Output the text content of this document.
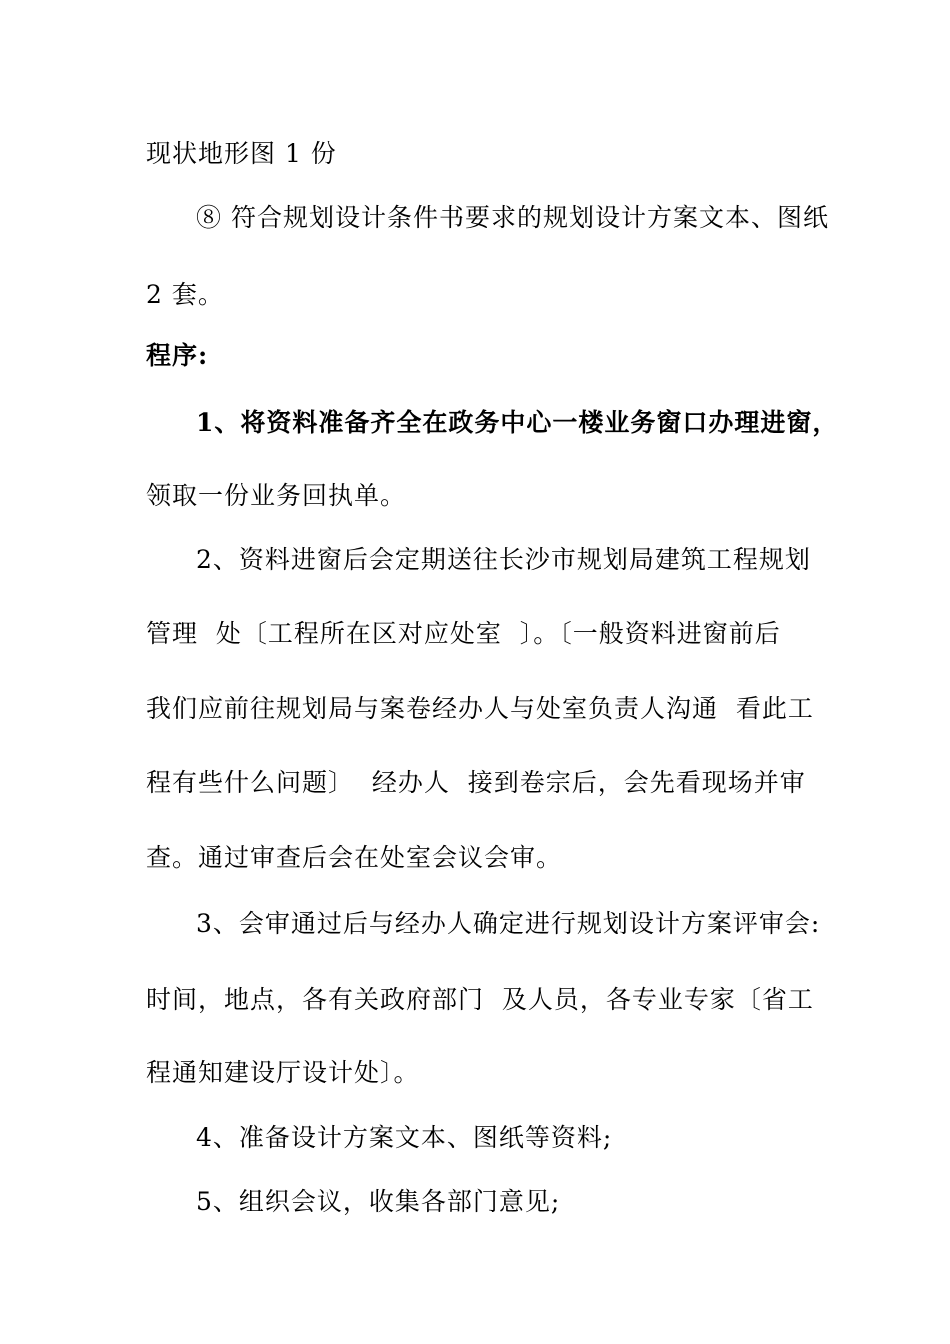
现状地形图 1 份
⑧ 符合规划设计条件书要求的规划设计方案文本、图纸
2 套。
程序:
1、将资料准备齐全在政务中心一楼业务窗口办理进窗，
领取一份业务回执单。
2、资料进窗后会定期送往长沙市规划局建筑工程规划
管理  处〔工程所在区对应处室  〕。〔一般资料进窗前后
我们应前往规划局与案卷经办人与处室负责人沟通  看此工
程有些什么问题〕  经办人  接到卷宗后，会先看现场并审
查。通过审查后会在处室会议会审。
3、会审通过后与经办人确定进行规划设计方案评审会:
时间，地点，各有关政府部门  及人员，各专业专家〔省工
程通知建设厅设计处〕。
4、准备设计方案文本、图纸等资料;
5、组织会议，收集各部门意见;
